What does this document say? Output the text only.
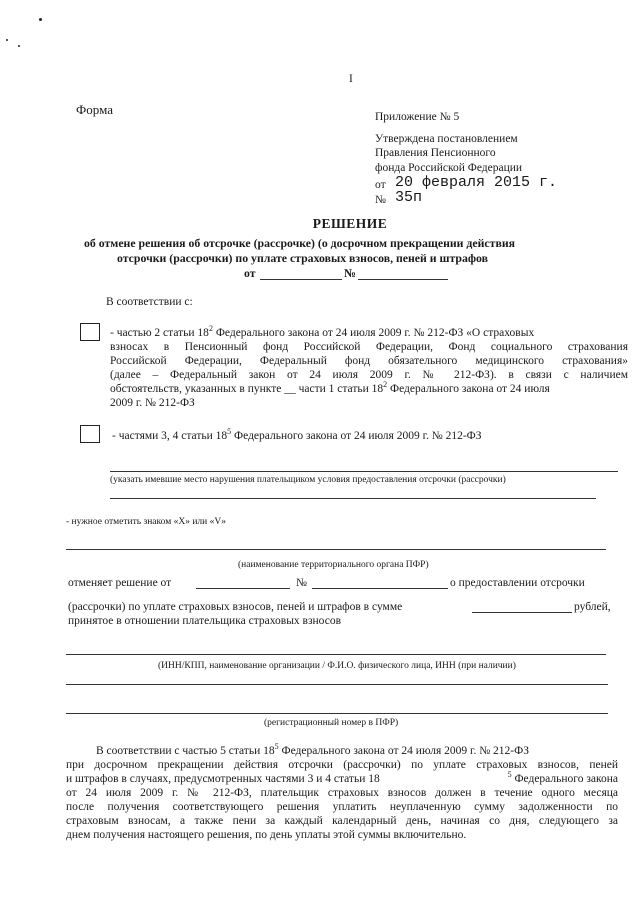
I
Форма	Приложение № 5
Утверждена постановлением
Правления Пенсионного
фонда Российской Федерации
от 20 февраля 2015 г.
№ 35п
РЕШЕНИЕ
об отмене решения об отсрочке (рассрочке) (о досрочном прекращении действия
отсрочки (рассрочки) по уплате страховых взносов, пеней и штрафов
от	№
В соответствии с:
- частью 2 статьи $18^2$ Федерального закона от 24 июля 2009 г. № 212-ФЗ «О страховых
взносах в Пенсионный фонд Российской Федерации, Фонд социального страхования
Российской Федерации, Федеральный фонд обязательного медицинского страхования»
(далее – Федеральный закон от 24 июля 2009 г. № 212-ФЗ). в связи с наличием
обстоятельств, указанных в пункте __ части 1 статьи $18^2$ Федерального закона от 24 июля
2009 г. № 212-ФЗ
- частями 3, 4 статьи $18^5$ Федерального закона от 24 июля 2009 г. № 212-ФЗ
(указать имевшие место нарушения плательщиком условия предоставления отсрочки (рассрочки)
- нужное отметить знаком «X» или «V»
(наименование территориального органа ПФР)
отменяет решение от	№	о предоставлении отсрочки
(рассрочки) по уплате страховых взносов, пеней и штрафов в сумме	рублей,
принятое в отношении плательщика страховых взносов
(ИНН/КПП, наименование организации / Ф.И.О. физического лица, ИНН (при наличии)
(регистрационный номер в ПФР)
В соответствии с частью 5 статьи $18^5$ Федерального закона от 24 июля 2009 г. № 212-ФЗ
при досрочном прекращении действия отсрочки (рассрочки) по уплате страховых взносов, пеней
и штрафов в случаях, предусмотренных частями 3 и 4 статьи 18	$^5$ Федерального закона
от 24 июля 2009 г. № 212-ФЗ, плательщик страховых взносов должен в течение одного месяца
после получения соответствующего решения уплатить неуплаченную сумму задолженности по
страховым взносам, а также пени за каждый календарный день, начиная со дня, следующего за
днем получения настоящего решения, по день уплаты этой суммы включительно.
